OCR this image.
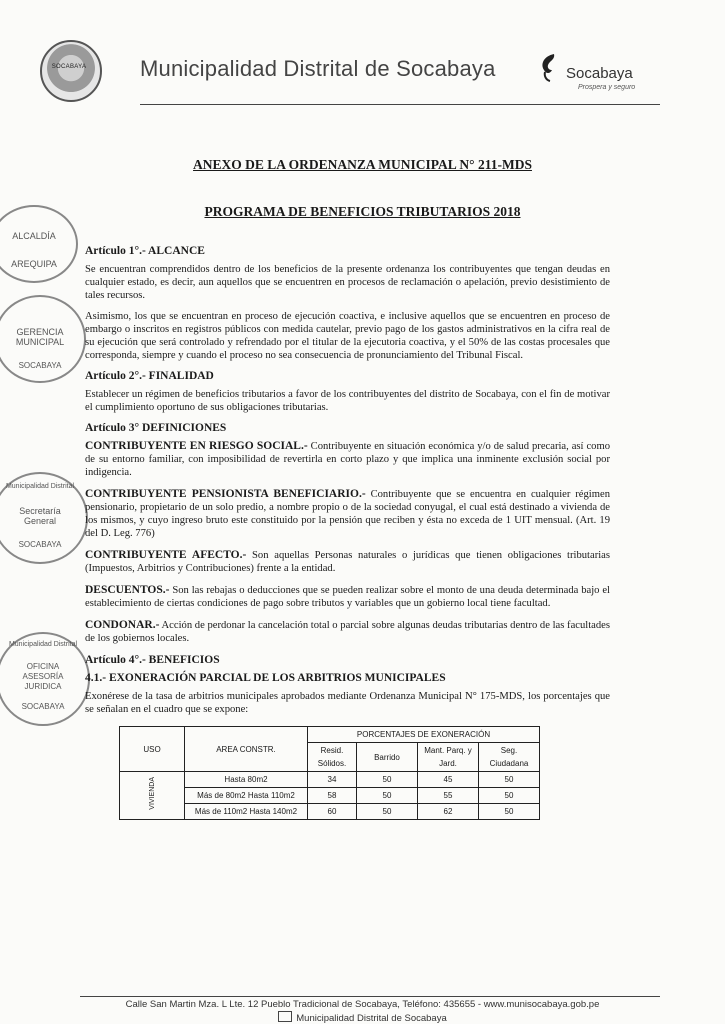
SOCABAYA Municipalidad Distrital de Socabaya	Socabaya
Prospera y seguro
ALCALDÍA
AREQUIPA
GERENCIA
MUNICIPAL
SOCABAYA
Municipalidad Distrital
Secretaría
General
SOCABAYA
Municipalidad Distrital
OFICINA
ASESORÍA
JURIDICA
SOCABAYA
ANEXO DE LA ORDENANZA MUNICIPAL N° 211-MDS
PROGRAMA DE BENEFICIOS TRIBUTARIOS 2018
Artículo 1°.- ALCANCE

Se encuentran comprendidos dentro de los beneficios de la presente ordenanza los contribuyentes que tengan deudas en cualquier estado, es decir, aun aquellos que se encuentren en procesos de reclamación o apelación, previo desistimiento de tales recursos.

Asimismo, los que se encuentran en proceso de ejecución coactiva, e inclusive aquellos que se encuentren en proceso de embargo o inscritos en registros públicos con medida cautelar, previo pago de los gastos administrativos en la cifra real de su ejecución que será controlado y refrendado por el titular de la ejecutoria coactiva, y el 50% de las costas procesales que corresponda, siempre y cuando el proceso no sea consecuencia de pronunciamiento del Tribunal Fiscal.

Artículo 2°.- FINALIDAD

Establecer un régimen de beneficios tributarios a favor de los contribuyentes del distrito de Socabaya, con el fin de motivar el cumplimiento oportuno de sus obligaciones tributarias.

Artículo 3° DEFINICIONES

CONTRIBUYENTE EN RIESGO SOCIAL.- Contribuyente en situación económica y/o de salud precaria, así como de su entorno familiar, con imposibilidad de revertirla en corto plazo y que implica una inminente exclusión social por indigencia.

CONTRIBUYENTE PENSIONISTA BENEFICIARIO.- Contribuyente que se encuentra en cualquier régimen pensionario, propietario de un solo predio, a nombre propio o de la sociedad conyugal, el cual está destinado a vivienda de los mismos, y cuyo ingreso bruto este constituido por la pensión que reciben y ésta no exceda de 1 UIT mensual. (Art. 19 del D. Leg. 776)

CONTRIBUYENTE AFECTO.- Son aquellas Personas naturales o jurídicas que tienen obligaciones tributarias (Impuestos, Arbitrios y Contribuciones) frente a la entidad.

DESCUENTOS.- Son las rebajas o deducciones que se pueden realizar sobre el monto de una deuda determinada bajo el establecimiento de ciertas condiciones de pago sobre tributos y variables que un gobierno local tiene facultad.

CONDONAR.- Acción de perdonar la cancelación total o parcial sobre algunas deudas tributarias dentro de las facultades de los gobiernos locales.

Artículo 4°.- BENEFICIOS
4.1.- EXONERACIÓN PARCIAL DE LOS ARBITRIOS MUNICIPALES

Exonérese de la tasa de arbitrios municipales aprobados mediante Ordenanza Municipal N° 175-MDS, los porcentajes que se señalan en el cuadro que se expone:

USO	AREA CONSTR.	PORCENTAJES DE EXONERACIÓN			
		Resid. Sólidos.	Barrido	Mant. Parq. y Jard.	Seg. Ciudadana
VIVIENDA	Hasta 80m2	34	50	45	50
	Más de 80m2 Hasta 110m2	58	50	55	50
	Más de 110m2 Hasta 140m2	60	50	62	50
Calle San Martin Mza. L Lte. 12 Pueblo Tradicional de Socabaya, Teléfono: 435655 - www.munisocabaya.gob.pe
Municipalidad Distrital de Socabaya
